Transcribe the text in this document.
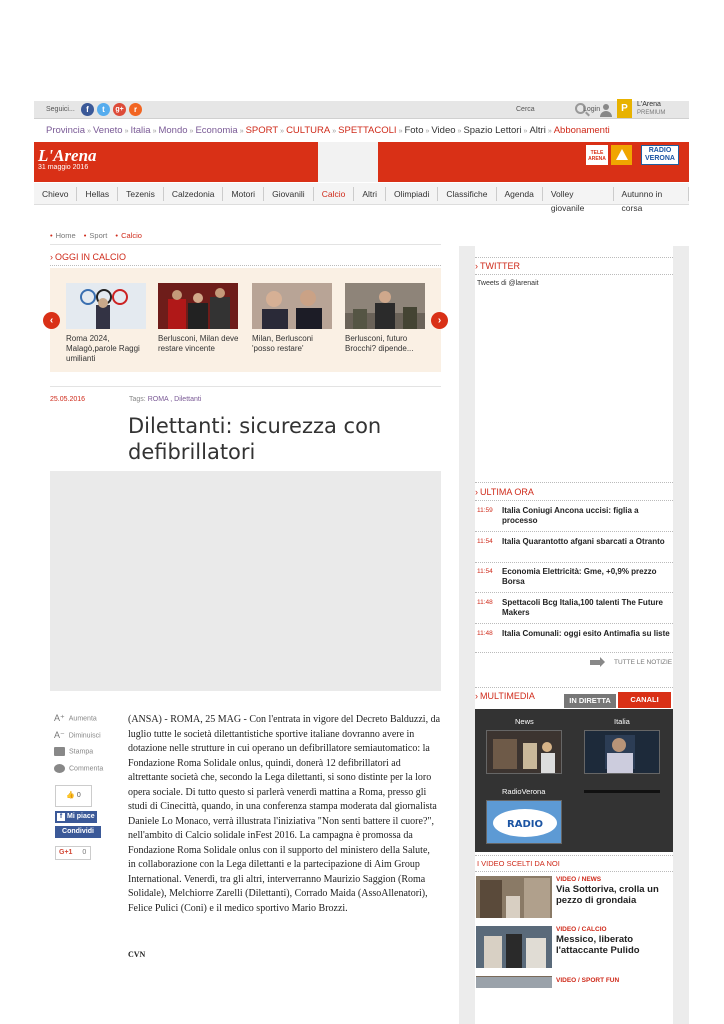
Seguici...	f	t	g+	r	Cerca	Login	P	L'Arena
PREMIUM
Provincia » Veneto » Italia » Mondo » Economia » SPORT » CULTURA » SPETTACOLI » Foto » Video » Spazio Lettori » Altri » Abbonamenti
L'Arena
31 maggio 2016
TELE ARENA
RADIO VERONA
Chievo	Hellas	Tezenis	Calzedonia	Motori	Giovanili	Calcio	Altri	Olimpiadi	Classifiche	Agenda	Volley giovanile
Autunno in corsa
• Home • Sport • Calcio
› OGGI IN CALCIO
‹	›
Roma 2024, Malagò,parole Raggi umilianti
Berlusconi, Milan deve restare vincente
Milan, Berlusconi 'posso restare'
Berlusconi, futuro Brocchi? dipende...
25.05.2016	Tags: ROMA , Dilettanti
Dilettanti: sicurezza con defibrillatori
A⁺ Aumenta
A⁻ Diminuisci
Stampa
Commenta
👍 0
f Mi piace
Condividi
G+1 0
(ANSA) - ROMA, 25 MAG - Con l'entrata in vigore del Decreto Balduzzi, da luglio tutte le società dilettantistiche sportive italiane dovranno avere in dotazione nelle strutture in cui operano un defibrillatore semiautomatico: la Fondazione Roma Solidale onlus, quindi, donerà 12 defibrillatori ad altrettante società che, secondo la Lega dilettanti, si sono distinte per la loro opera sociale. Di tutto questo si parlerà venerdì mattina a Roma, presso gli studi di Cinecittà, quando, in una conferenza stampa moderata dal giornalista Daniele Lo Monaco, verrà illustrata l'iniziativa "Non senti battere il cuore?", nell'ambito di Calcio solidale inFest 2016. La campagna è promossa da Fondazione Roma Solidale onlus con il supporto del ministero della Salute, in collaborazione con la Lega dilettanti e la partecipazione di Aim Group International. Venerdì, tra gli altri, interverranno Maurizio Saggion (Roma Solidale), Melchiorre Zarelli (Dilettanti), Corrado Maida (AssoAllenatori), Felice Pulici (Coni) e il medico sportivo Mario Brozzi.
CVN
› TWITTER
Tweets di @larenait
› ULTIMA ORA
11:59 Italia Coniugi Ancona uccisi: figlia a processo
11:54 Italia Quarantotto afgani sbarcati a Otranto
11:54 Economia Elettricità: Gme, +0,9% prezzo Borsa
11:48 Spettacoli Bcg Italia,100 talenti The Future Makers
11:48 Italia Comunali: oggi esito Antimafia su liste
TUTTE LE NOTIZIE
› MULTIMEDIA	IN DIRETTA	CANALI
News	Italia
RadioVerona
RADIO
I VIDEO SCELTI DA NOI
VIDEO / NEWS
Via Sottoriva, crolla un pezzo di grondaia
VIDEO / CALCIO
Messico, liberato l'attaccante Pulido
VIDEO / SPORT FUN
